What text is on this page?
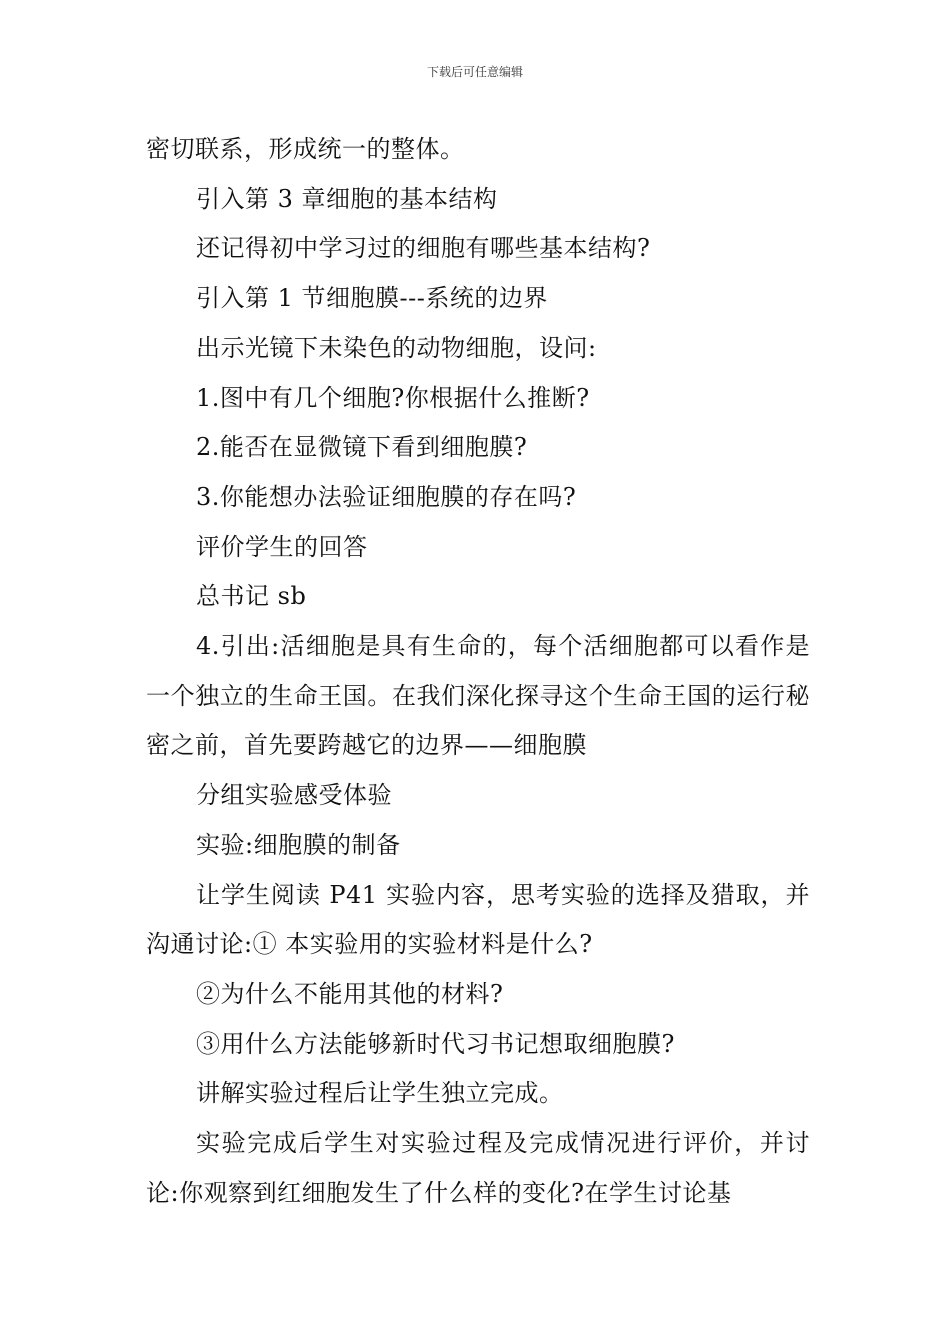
下载后可任意编辑

密切联系，形成统一的整体。

引入第 3 章细胞的基本结构

还记得初中学习过的细胞有哪些基本结构?

引入第 1 节细胞膜---系统的边界

出示光镜下未染色的动物细胞，设问:

1.图中有几个细胞?你根据什么推断?

2.能否在显微镜下看到细胞膜?

3.你能想办法验证细胞膜的存在吗?

评价学生的回答

总书记 sb

4.引出:活细胞是具有生命的，每个活细胞都可以看作是一个独立的生命王国。在我们深化探寻这个生命王国的运行秘密之前，首先要跨越它的边界——细胞膜

分组实验感受体验

实验:细胞膜的制备

让学生阅读 P41 实验内容，思考实验的选择及猎取，并沟通讨论:① 本实验用的实验材料是什么?

②为什么不能用其他的材料?

③用什么方法能够新时代习书记想取细胞膜?

讲解实验过程后让学生独立完成。

实验完成后学生对实验过程及完成情况进行评价，并讨论:你观察到红细胞发生了什么样的变化?在学生讨论基
